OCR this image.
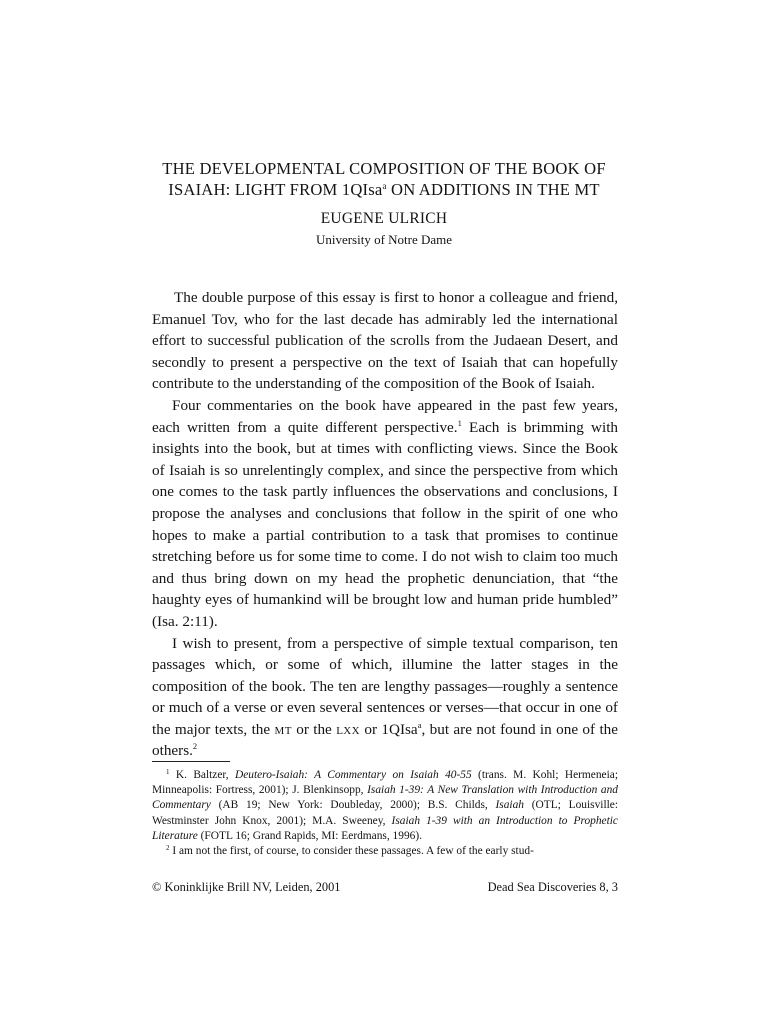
THE DEVELOPMENTAL COMPOSITION OF THE BOOK OF
ISAIAH: LIGHT FROM 1QIsa$^a$ ON ADDITIONS IN THE MT
EUGENE ULRICH
University of Notre Dame

The double purpose of this essay is first to honor a colleague and friend, Emanuel Tov, who for the last decade has admirably led the international effort to successful publication of the scrolls from the Judaean Desert, and secondly to present a perspective on the text of Isaiah that can hopefully contribute to the understanding of the composition of the Book of Isaiah.

Four commentaries on the book have appeared in the past few years, each written from a quite different perspective.$^1$ Each is brimming with insights into the book, but at times with conflicting views. Since the Book of Isaiah is so unrelentingly complex, and since the perspective from which one comes to the task partly influences the observations and conclusions, I propose the analyses and conclusions that follow in the spirit of one who hopes to make a partial contribution to a task that promises to continue stretching before us for some time to come. I do not wish to claim too much and thus bring down on my head the prophetic denunciation, that “the haughty eyes of humankind will be brought low and human pride humbled” (Isa. 2:11).

I wish to present, from a perspective of simple textual comparison, ten passages which, or some of which, illumine the latter stages in the composition of the book. The ten are lengthy passages—roughly a sentence or much of a verse or even several sentences or verses—that occur in one of the major texts, the mt or the lxx or 1QIsa$^a$, but are not found in one of the others.$^2$

$^1$ K. Baltzer, Deutero-Isaiah: A Commentary on Isaiah 40-55 (trans. M. Kohl; Hermeneia; Minneapolis: Fortress, 2001); J. Blenkinsopp, Isaiah 1-39: A New Translation with Introduction and Commentary (AB 19; New York: Doubleday, 2000); B.S. Childs, Isaiah (OTL; Louisville: Westminster John Knox, 2001); M.A. Sweeney, Isaiah 1-39 with an Introduction to Prophetic Literature (FOTL 16; Grand Rapids, MI: Eerdmans, 1996).

$^2$ I am not the first, of course, to consider these passages. A few of the early stud-

© Koninklijke Brill NV, Leiden, 2001	Dead Sea Discoveries 8, 3
